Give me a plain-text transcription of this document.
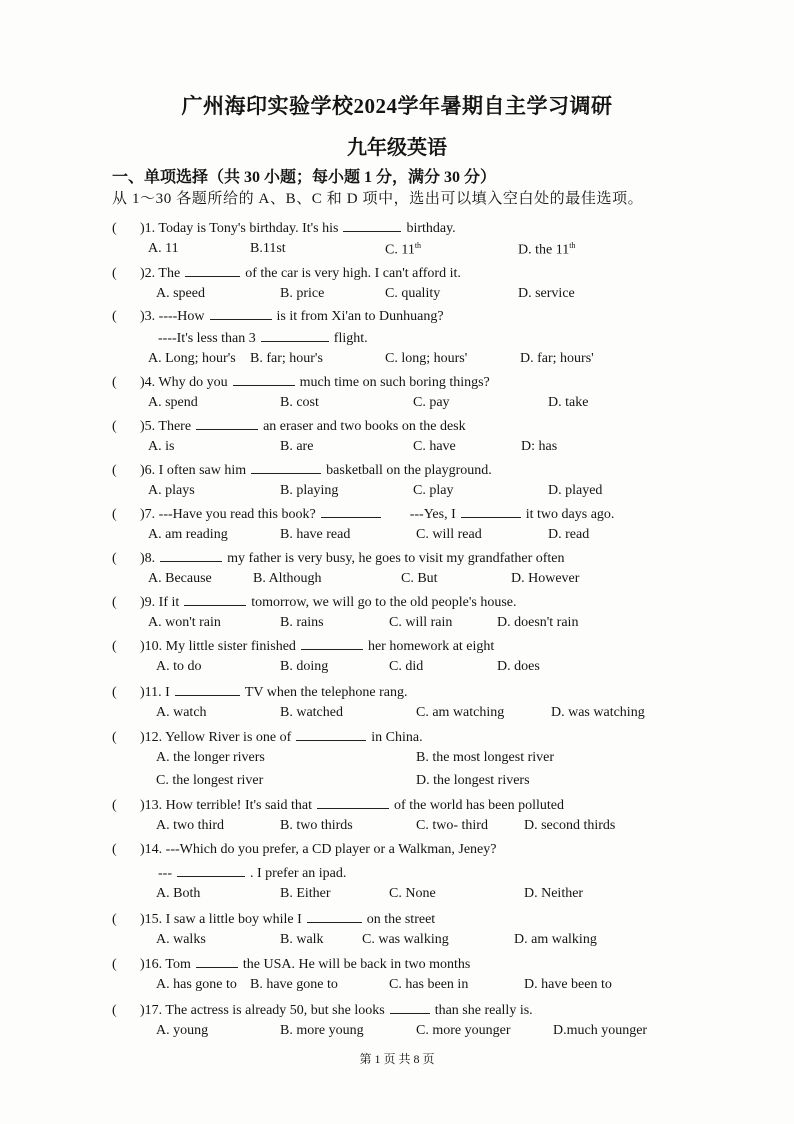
广州海印实验学校2024学年暑期自主学习调研
九年级英语
一、单项选择（共 30 小题；每小题 1 分，满分 30 分）
从 1～30 各题所给的 A、B、C 和 D 项中，选出可以填入空白处的最佳选项。
( )1. Today is Tony's birthday. It's his	birthday.
A. 11	B.11st	C. 11th	D. the 11th
( )2. The	of the car is very high. I can't afford it.
A. speed	B. price	C. quality	D. service
( )3. ----How	is it from Xi'an to Dunhuang?
----It's less than 3	flight.
A. Long; hour's B. far; hour's	C. long; hours'	D. far; hours'
( )4. Why do you	much time on such boring things?
A. spend	B. cost	C. pay	D. take
( )5. There	an eraser and two books on the desk
A. is	B. are	C. have	D: has
( )6. I often saw him	basketball on the playground.
A. plays	B. playing	C. play	D. played
( )7. ---Have you read this book?	---Yes, I	it two days ago.
A. am reading	B. have read	C. will read	D. read
( )8.	my father is very busy, he goes to visit my grandfather often
A. Because	B. Although	C. But	D. However
( )9. If it	tomorrow, we will go to the old people's house.
A. won't rain	B. rains	C. will rain	D. doesn't rain
( )10. My little sister finished	her homework at eight
A. to do	B. doing	C. did	D. does
( )11. I	TV when the telephone rang.
A. watch	B. watched	C. am watching	D. was watching
( )12. Yellow River is one of	in China.
A. the longer rivers	B. the most longest river
C. the longest river	D. the longest rivers
( )13. How terrible! It's said that	of the world has been polluted
A. two third	B. two thirds	C. two- third	D. second thirds
( )14. ---Which do you prefer, a CD player or a Walkman, Jeney?
---	. I prefer an ipad.
A. Both	B. Either	C. None	D. Neither
( )15. I saw a little boy while I	on the street
A. walks	B. walk	C. was walking	D. am walking
( )16. Tom	the USA. He will be back in two months
A. has gone to B. have gone to	C. has been in	D. have been to
( )17. The actress is already 50, but she looks	than she really is.
A. young	B. more young	C. more younger	D.much younger
第 1 页 共 8 页
